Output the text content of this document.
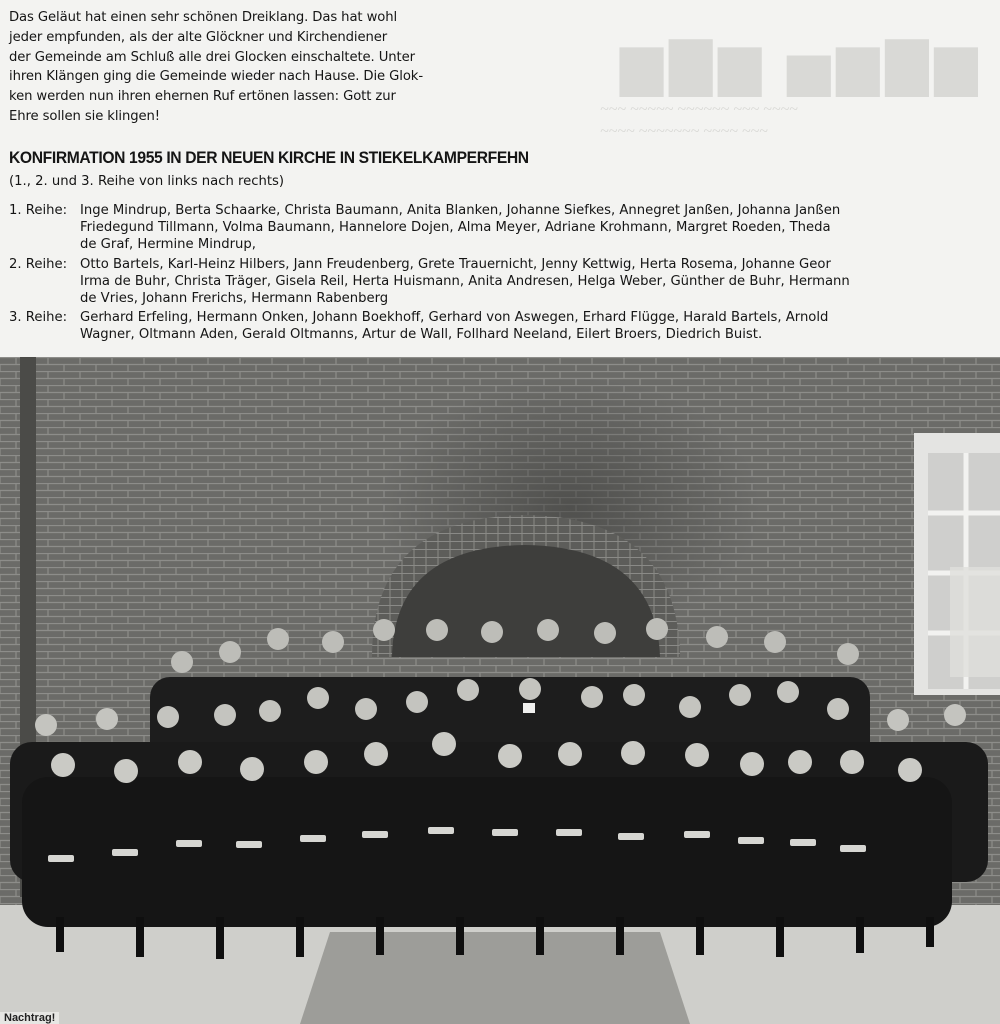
Das Geläut hat einen sehr schönen Dreiklang. Das hat wohl

jeder empfunden, als der alte Glöckner und Kirchendiener

der Gemeinde am Schluß alle drei Glocken einschaltete. Unter

ihren Klängen ging die Gemeinde wieder nach Hause. Die Glok-

ken werden nun ihren ehernen Ruf ertönen lassen: Gott zur

Ehre sollen sie klingen!

▆▇▆ ▅▆▇▆
~~~ ~~~~~ ~~~~~~ ~~~ ~~~~
~~~~ ~~~~~~~ ~~~~ ~~~
KONFIRMATION 1955 IN DER NEUEN KIRCHE IN STIEKELKAMPERFEHN
(1., 2. und 3. Reihe von links nach rechts)
1. Reihe: Inge Mindrup, Berta Schaarke, Christa Baumann, Anita Blanken, Johanne Siefkes, Annegret Janßen, Johanna Janßen
Friedegund Tillmann, Volma Baumann, Hannelore Dojen, Alma Meyer, Adriane Krohmann, Margret Roeden, Theda
de Graf, Hermine Mindrup,
2. Reihe: Otto Bartels, Karl-Heinz Hilbers, Jann Freudenberg, Grete Trauernicht, Jenny Kettwig, Herta Rosema, Johanne Geor
Irma de Buhr, Christa Träger, Gisela Reil, Herta Huismann, Anita Andresen, Helga Weber, Günther de Buhr, Hermann
de Vries, Johann Frerichs, Hermann Rabenberg
3. Reihe: Gerhard Erfeling, Hermann Onken, Johann Boekhoff, Gerhard von Aswegen, Erhard Flügge, Harald Bartels, Arnold
Wagner, Oltmann Aden, Gerald Oltmanns, Artur de Wall, Follhard Neeland, Eilert Broers, Diedrich Buist.
Nachtrag!
